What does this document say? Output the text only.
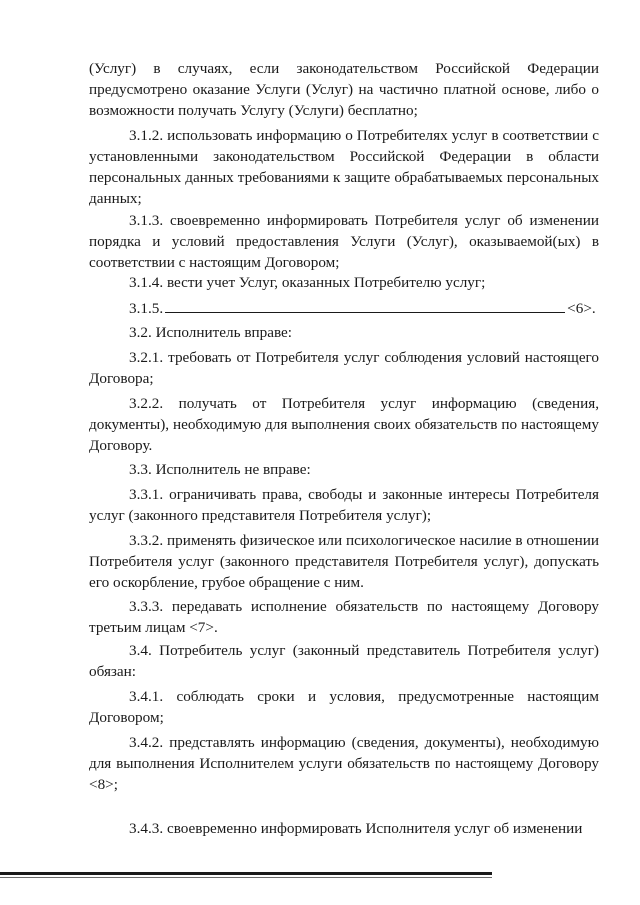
(Услуг) в случаях, если законодательством Российской Федерации предусмотрено оказание Услуги (Услуг) на частично платной основе, либо о возможности получать Услугу (Услуги) бесплатно;

3.1.2. использовать информацию о Потребителях услуг в соответствии с установленными законодательством Российской Федерации в области персональных данных требованиями к защите обрабатываемых персональных данных;

3.1.3. своевременно информировать Потребителя услуг об изменении порядка и условий предоставления Услуги (Услуг), оказываемой(ых) в соответствии с настоящим Договором;

3.1.4. вести учет Услуг, оказанных Потребителю услуг;

3.1.5.	<6>.

3.2. Исполнитель вправе:

3.2.1. требовать от Потребителя услуг соблюдения условий настоящего Договора;

3.2.2. получать от Потребителя услуг информацию (сведения, документы), необходимую для выполнения своих обязательств по настоящему Договору.

3.3. Исполнитель не вправе:

3.3.1. ограничивать права, свободы и законные интересы Потребителя услуг (законного представителя Потребителя услуг);

3.3.2. применять физическое или психологическое насилие в отношении Потребителя услуг (законного представителя Потребителя услуг), допускать его оскорбление, грубое обращение с ним.

3.3.3. передавать исполнение обязательств по настоящему Договору третьим лицам <7>.

3.4. Потребитель услуг (законный представитель Потребителя услуг) обязан:

3.4.1. соблюдать сроки и условия, предусмотренные настоящим Договором;

3.4.2. представлять информацию (сведения, документы), необходимую для выполнения Исполнителем услуги обязательств по настоящему Договору <8>;

3.4.3. своевременно информировать Исполнителя услуг об изменении
